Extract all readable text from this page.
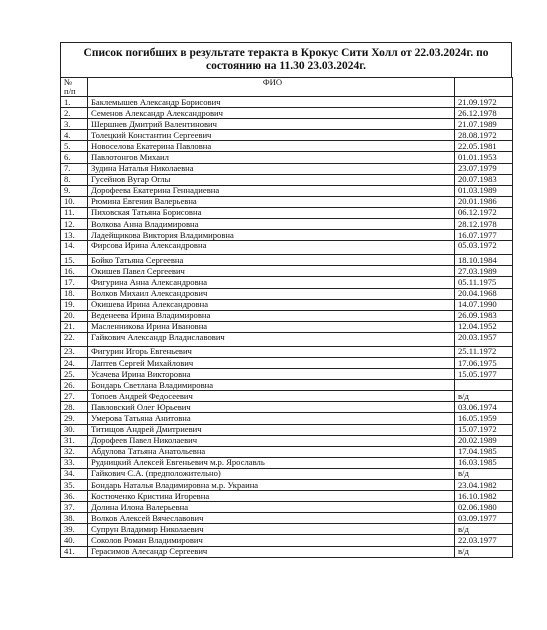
Список погибших в результате теракта в Крокус Сити Холл от 22.03.2024г. по
состоянию на 11.30 23.03.2024г.
№
п/п	ФИО	
1.	Баклемышев Александр Борисович	21.09.1972
2.	Семенов Александр Александрович	26.12.1978
3.	Шершнев Дмитрий Валентинович	21.07.1989
4.	Толецкий Константин Сергеевич	28.08.1972
5.	Новоселова Екатерина Павловна	22.05.1981
6.	Павлотонгов Михаил	01.01.1953
7.	Зудина Наталья Николаевна	23.07.1979
8.	Гусейнов Вугар Оглы	20.07.1983
9.	Дорофеева Екатерина Геннадиевна	01.03.1989
10.	Рюмина Евгения Валерьевна	20.01.1986
11.	Пиховская Татьяна Борисовна	06.12.1972
12.	Волкова Анна Владимировна	28.12.1978
13.	Ладейщикова Виктория Владимировна	16.07.1977
14.	Фирсова Ирина Александровна	05.03.1972
15.	Бойко Татьяна Сергеевна	18.10.1984
16.	Окишев Павел Сергеевич	27.03.1989
17.	Фигурина Анна Александровна	05.11.1975
18.	Волков Михаил Александрович	20.04.1968
19.	Окишева Ирина Александровна	14.07.1990
20.	Веденеева Ирина Владимировна	26.09.1983
21.	Масленникова Ирина Ивановна	12.04.1952
22.	Гайкович Александр Владиславович	20.03.1957
23.	Фигурин Игорь Евгеньевич	25.11.1972
24.	Лаптев Сергей Михайлович	17.06.1975
25.	Усачева Ирина Викторовна	15.05.1977
26.	Бондарь Светлана Владимировна	
27.	Топоев Андрей Федосеевич	в/д
28.	Павловский Олег Юрьевич	03.06.1974
29.	Умерова Татьяна Анитовна	16.05.1959
30.	Титищов Андрей Дмитриевич	15.07.1972
31.	Дорофеев Павел Николаевич	20.02.1989
32.	Абдулова Татьяна Анатольевна	17.04.1985
33.	Рудницкий Алексей Евгеньевич м.р. Ярославль	16.03.1985
34.	Гайкович С.А. (предположительно)	в/д
35.	Бондарь Наталья Владимировна м.р. Украина	23.04.1982
36.	Костюченко Кристина Игоревна	16.10.1982
37.	Долина Илона Валерьевна	02.06.1980
38.	Волков Алексей Вячеславович	03.09.1977
39.	Супрун Владимир Николаевич	в/д
40.	Соколов Роман Владимирович	22.03.1977
41.	Герасимов Алесандр Сергеевич	в/д
